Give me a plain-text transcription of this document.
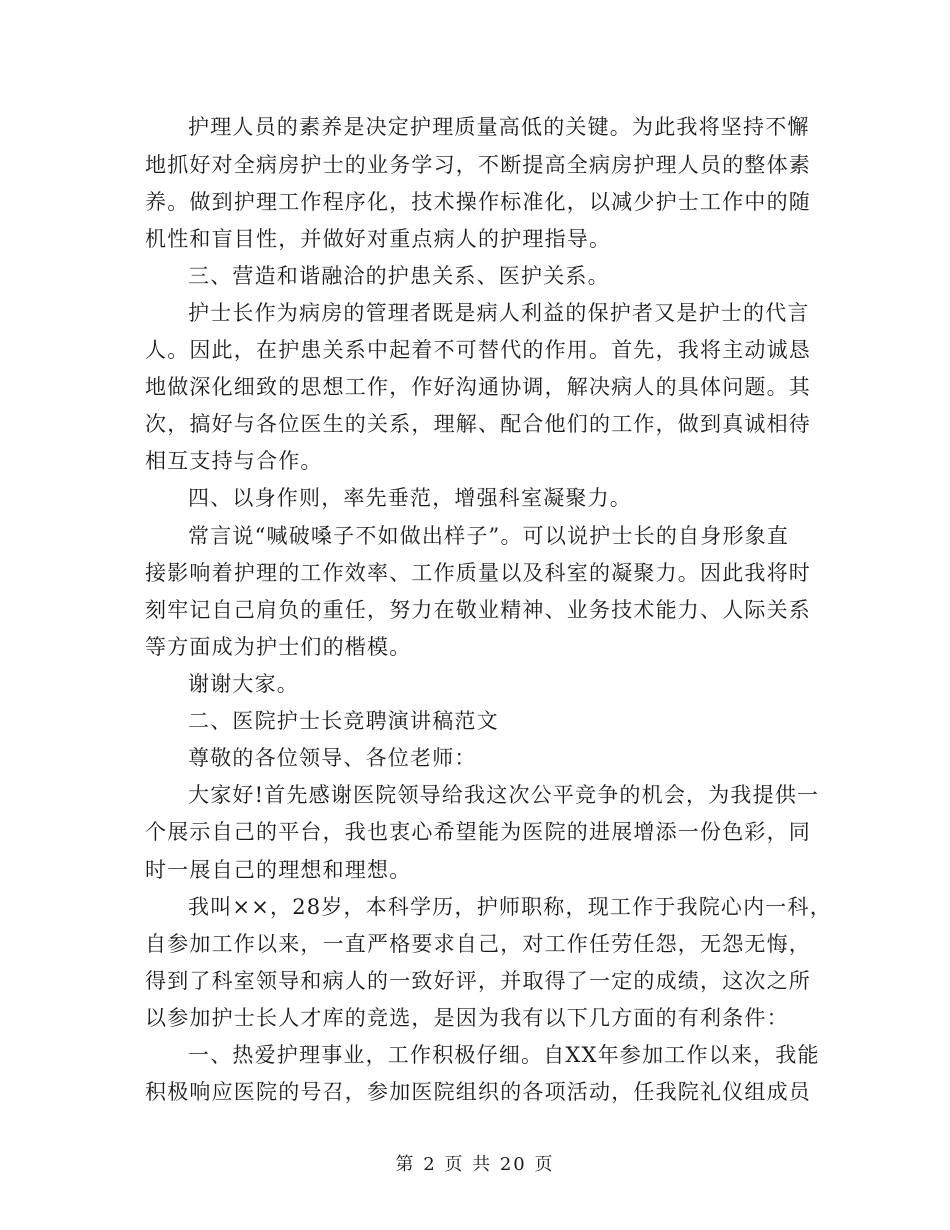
护理人员的素养是决定护理质量高低的关键。为此我将坚持不懈
地抓好对全病房护士的业务学习，不断提高全病房护理人员的整体素
养。做到护理工作程序化，技术操作标准化，以减少护士工作中的随
机性和盲目性，并做好对重点病人的护理指导。
三、营造和谐融洽的护患关系、医护关系。
护士长作为病房的管理者既是病人利益的保护者又是护士的代言
人。因此，在护患关系中起着不可替代的作用。首先，我将主动诚恳
地做深化细致的思想工作，作好沟通协调，解决病人的具体问题。其
次，搞好与各位医生的关系，理解、配合他们的工作，做到真诚相待
相互支持与合作。
四、以身作则，率先垂范，增强科室凝聚力。
常言说“喊破嗓子不如做出样子”。可以说护士长的自身形象直
接影响着护理的工作效率、工作质量以及科室的凝聚力。因此我将时
刻牢记自己肩负的重任，努力在敬业精神、业务技术能力、人际关系
等方面成为护士们的楷模。
谢谢大家。
二、医院护士长竞聘演讲稿范文
尊敬的各位领导、各位老师：
大家好!首先感谢医院领导给我这次公平竞争的机会，为我提供一
个展示自己的平台，我也衷心希望能为医院的进展增添一份色彩，同
时一展自己的理想和理想。
我叫××，28岁，本科学历，护师职称，现工作于我院心内一科，
自参加工作以来，一直严格要求自己，对工作任劳任怨，无怨无悔，
得到了科室领导和病人的一致好评，并取得了一定的成绩，这次之所
以参加护士长人才库的竞选，是因为我有以下几方面的有利条件：
一、热爱护理事业，工作积极仔细。自XX年参加工作以来，我能
积极响应医院的号召，参加医院组织的各项活动，任我院礼仪组成员
第 2 页 共 20 页
